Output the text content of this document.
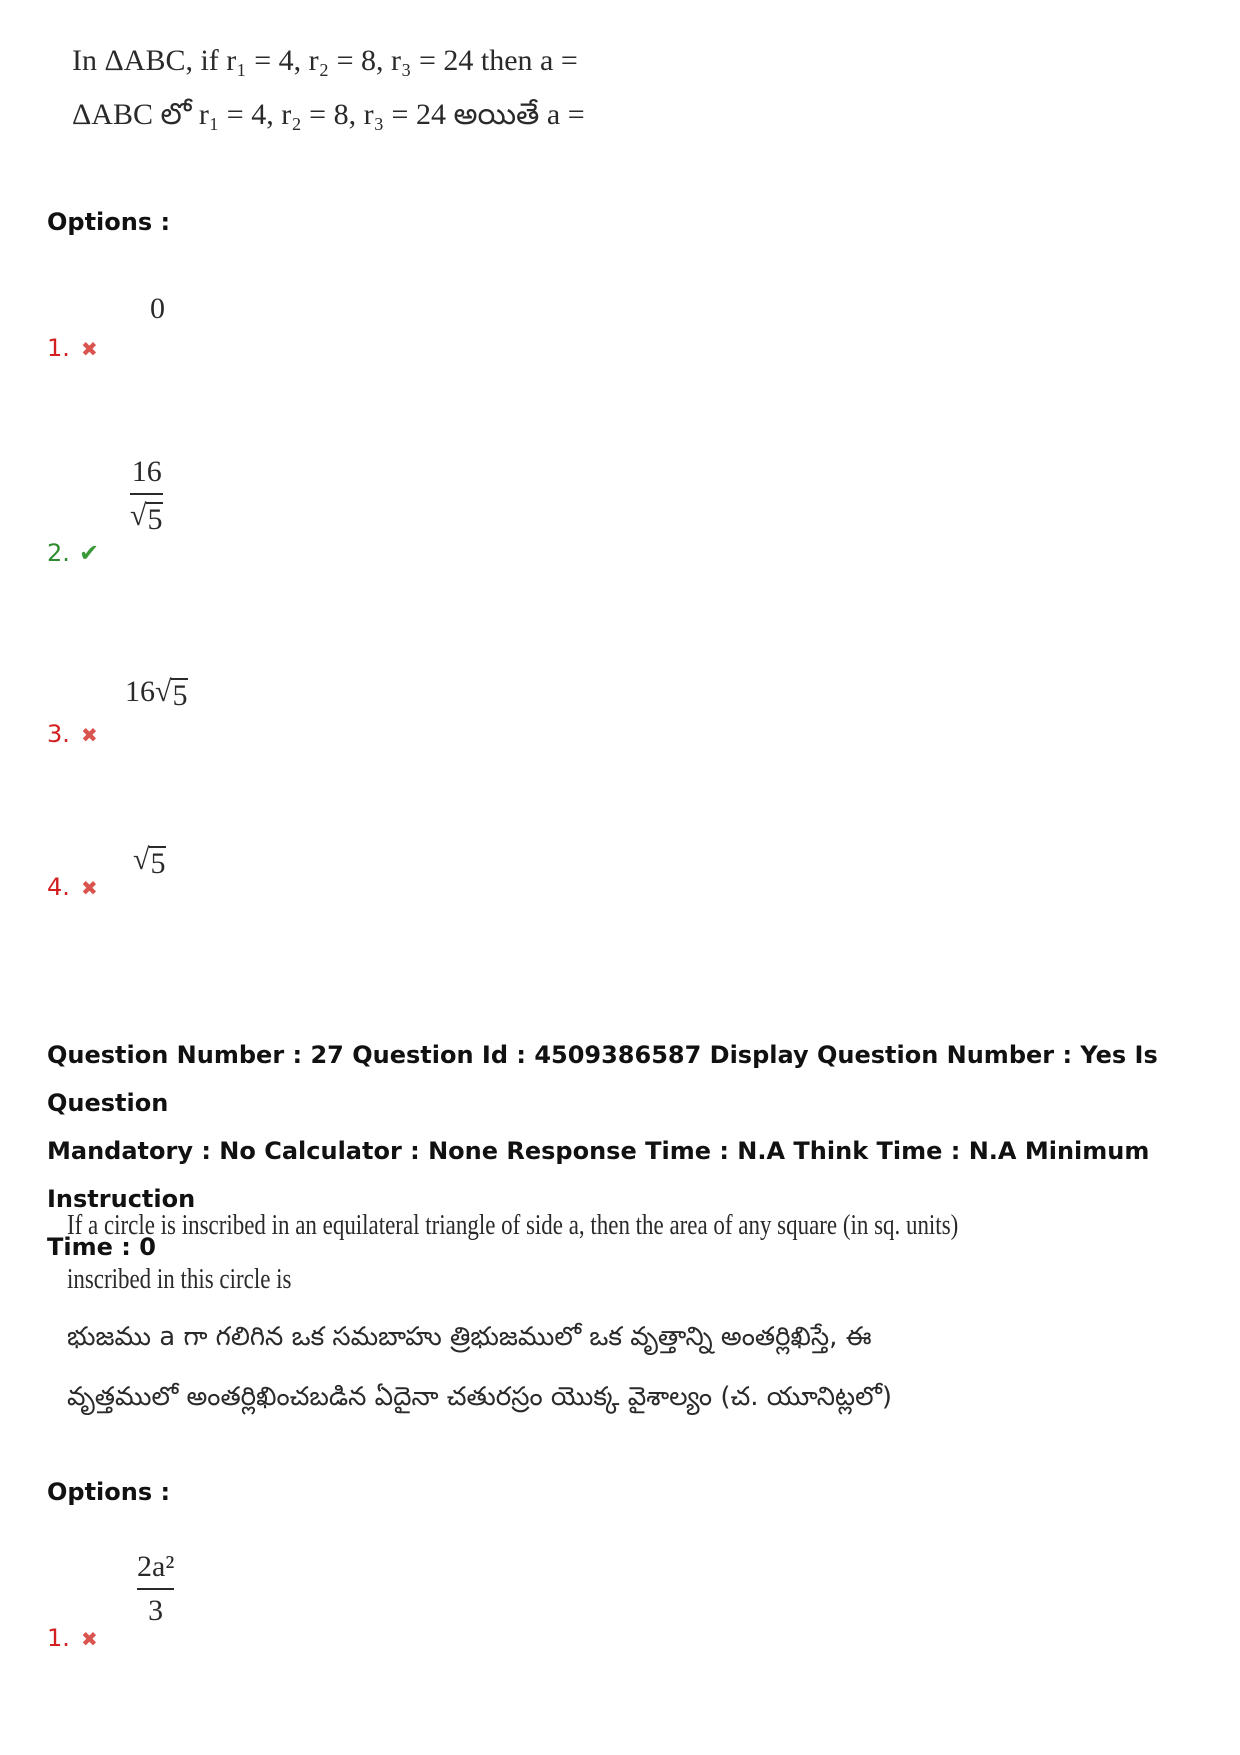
In ΔABC, if r₁ = 4, r₂ = 8, r₃ = 24 then a =
ΔABC లో r₁ = 4, r₂ = 8, r₃ = 24 అయితే a =
Options :
0
1. ✖
16
√ 5
2. ✔
16 √ 5
3. ✖
√ 5
4. ✖
Question Number : 27 Question Id : 4509386587 Display Question Number : Yes Is Question
Mandatory : No Calculator : None Response Time : N.A Think Time : N.A Minimum Instruction
Time : 0
If a circle is inscribed in an equilateral triangle of side a, then the area of any square (in sq. units)
inscribed in this circle is
భుజము a గా గలిగిన ఒక సమబాహు త్రిభుజములో ఒక వృత్తాన్ని అంతర్లిఖిస్తే, ఈ
వృత్తములో అంతర్లిఖించబడిన ఏదైనా చతురస్రం యొక్క వైశాల్యం (చ. యూనిట్లలో)
Options :
2a²
3
1. ✖
